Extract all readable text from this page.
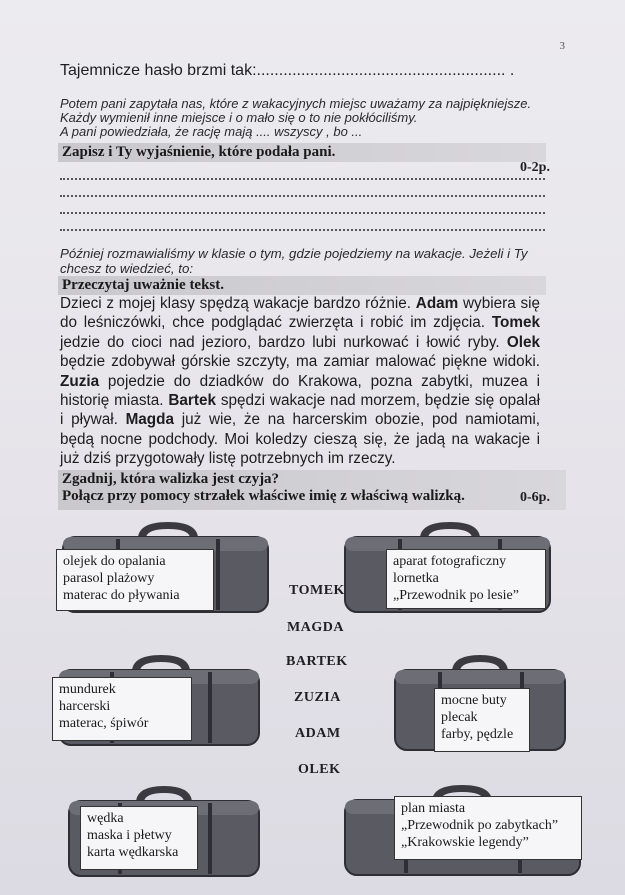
3
Tajemnicze hasło brzmi tak:........................................................ .
Potem pani zapytała nas, które z wakacyjnych miejsc uważamy za najpiękniejsze.
Każdy wymienił inne miejsce i o mało się o to nie pokłóciliśmy.
A pani powiedziała, że rację mają .... wszyscy , bo ...
Zapisz i Ty wyjaśnienie, które podała pani.
0-2p.
Później rozmawialiśmy w klasie o tym, gdzie pojedziemy na wakacje. Jeżeli i Ty
chcesz to wiedzieć, to:
Przeczytaj uważnie tekst.
Dzieci z mojej klasy spędzą wakacje bardzo różnie. Adam wybiera się do leśniczówki, chce podglądać zwierzęta i robić im zdjęcia. Tomek jedzie do cioci nad jezioro, bardzo lubi nurkować i łowić ryby. Olek będzie zdobywał górskie szczyty, ma zamiar malować piękne widoki. Zuzia pojedzie do dziadków do Krakowa, pozna zabytki, muzea i historię miasta. Bartek spędzi wakacje nad morzem, będzie się opalał i pływał. Magda już wie, że na harcerskim obozie, pod namiotami, będą nocne podchody. Moi koledzy cieszą się, że jadą na wakacje i już dziś przygotowały listę potrzebnych im rzeczy.
Zgadnij, która walizka jest czyja?
Połącz przy pomocy strzałek właściwe imię z właściwą walizką.	0-6p.
olejek do opalania
parasol plażowy
materac do pływania
aparat fotograficzny
lornetka
„Przewodnik po lesie”
mundurek
harcerski
materac, śpiwór
mocne buty
plecak
farby, pędzle
wędka
maska i płetwy
karta wędkarska
plan miasta
„Przewodnik po zabytkach”
„Krakowskie legendy”
TOMEK
MAGDA
BARTEK
ZUZIA
ADAM
OLEK
